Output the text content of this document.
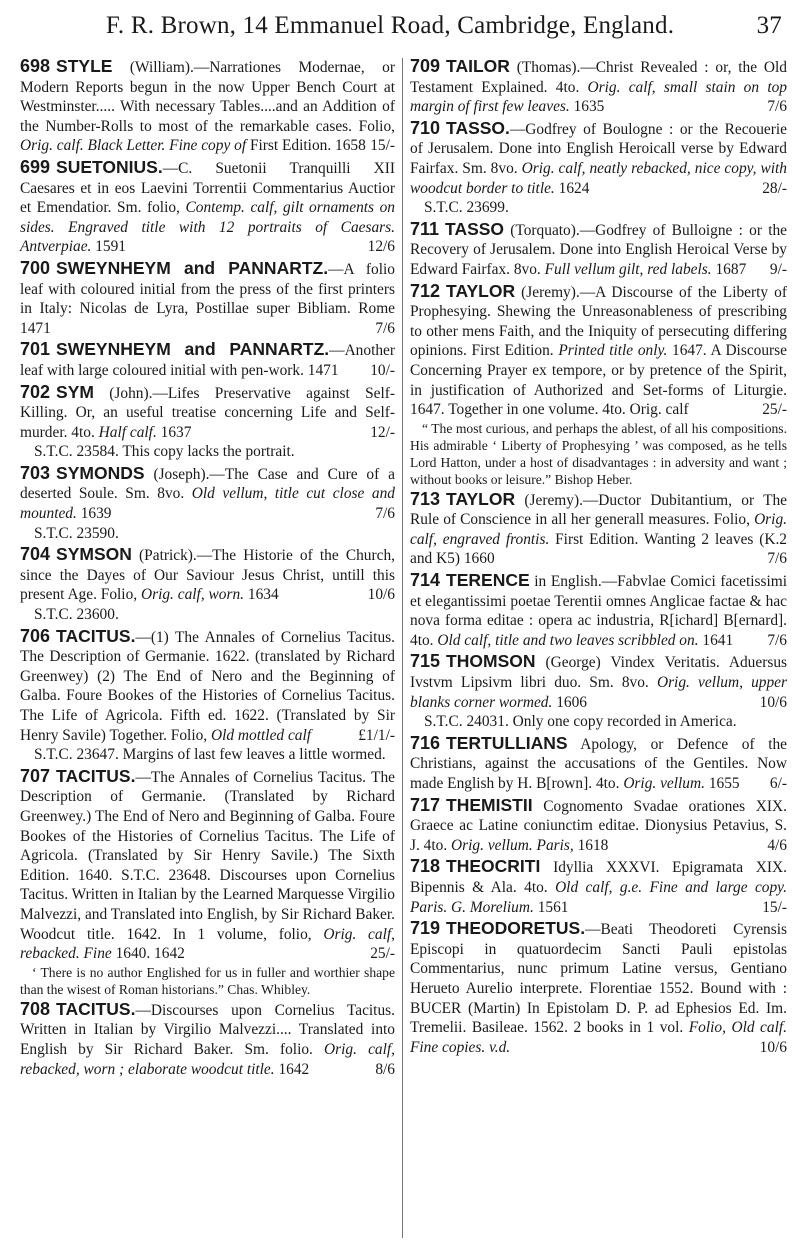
F. R. Brown, 14 Emmanuel Road, Cambridge, England.	37
698 STYLE (William).—Narrationes Modernae, or Modern Reports begun in the now Upper Bench Court at Westminster..... With necessary Tables....and an Addition of the Number-Rolls to most of the remarkable cases. Folio, Orig. calf. Black Letter. Fine copy of First Edition. 1658 15/-
699 SUETONIUS.—C. Suetonii Tranquilli XII Caesares et in eos Laevini Torrentii Commentarius Auctior et Emendatior. Sm. folio, Contemp. calf, gilt ornaments on sides. Engraved title with 12 portraits of Caesars. Antverpiae. 1591	12/6
700 SWEYNHEYM and PANNARTZ.—A folio leaf with coloured initial from the press of the first printers in Italy: Nicolas de Lyra, Postillae super Bibliam. Rome 1471	7/6
701 SWEYNHEYM and PANNARTZ.—Another leaf with large coloured initial with pen-work. 1471 10/-
702 SYM (John).—Lifes Preservative against Self-Killing. Or, an useful treatise concerning Life and Self-murder. 4to. Half calf. 1637	12/-
S.T.C. 23584. This copy lacks the portrait.
703 SYMONDS (Joseph).—The Case and Cure of a deserted Soule. Sm. 8vo. Old vellum, title cut close and mounted. 1639	7/6
S.T.C. 23590.
704 SYMSON (Patrick).—The Historie of the Church, since the Dayes of Our Saviour Jesus Christ, untill this present Age. Folio, Orig. calf, worn. 1634	10/6
S.T.C. 23600.
706 TACITUS.—(1) The Annales of Cornelius Tacitus. The Description of Germanie. 1622. (translated by Richard Greenwey) (2) The End of Nero and the Beginning of Galba. Foure Bookes of the Histories of Cornelius Tacitus. The Life of Agricola. Fifth ed. 1622. (Translated by Sir Henry Savile) Together. Folio, Old mottled calf	£1/1/-
S.T.C. 23647. Margins of last few leaves a little wormed.
707 TACITUS.—The Annales of Cornelius Tacitus. The Description of Germanie. (Translated by Richard Greenwey.) The End of Nero and Beginning of Galba. Foure Bookes of the Histories of Cornelius Tacitus. The Life of Agricola. (Translated by Sir Henry Savile.) The Sixth Edition. 1640. S.T.C. 23648. Discourses upon Cornelius Tacitus. Written in Italian by the Learned Marquesse Virgilio Malvezzi, and Translated into English, by Sir Richard Baker. Woodcut title. 1642. In 1 volume, folio, Orig. calf, rebacked. Fine 1640. 1642	25/-
‘ There is no author Englished for us in fuller and worthier shape than the wisest of Roman historians.” Chas. Whibley.
708 TACITUS.—Discourses upon Cornelius Tacitus. Written in Italian by Virgilio Malvezzi.... Translated into English by Sir Richard Baker. Sm. folio. Orig. calf, rebacked, worn ; elaborate woodcut title. 1642	8/6
709 TAILOR (Thomas).—Christ Revealed : or, the Old Testament Explained. 4to. Orig. calf, small stain on top margin of first few leaves. 1635	7/6
710 TASSO.—Godfrey of Boulogne : or the Recouerie of Jerusalem. Done into English Heroicall verse by Edward Fairfax. Sm. 8vo. Orig. calf, neatly rebacked, nice copy, with woodcut border to title. 1624	28/-
S.T.C. 23699.
711 TASSO (Torquato).—Godfrey of Bulloigne : or the Recovery of Jerusalem. Done into English Heroical Verse by Edward Fairfax. 8vo. Full vellum gilt, red labels. 1687 9/-
712 TAYLOR (Jeremy).—A Discourse of the Liberty of Prophesying. Shewing the Unreasonableness of prescribing to other mens Faith, and the Iniquity of persecuting differing opinions. First Edition. Printed title only. 1647. A Discourse Concerning Prayer ex tempore, or by pretence of the Spirit, in justification of Authorized and Set-forms of Liturgie. 1647. Together in one volume. 4to. Orig. calf	25/-
“ The most curious, and perhaps the ablest, of all his compositions. His admirable ‘ Liberty of Prophesying ’ was composed, as he tells Lord Hatton, under a host of disadvantages : in adversity and want ; without books or leisure.” Bishop Heber.
713 TAYLOR (Jeremy).—Ductor Dubitantium, or The Rule of Conscience in all her generall measures. Folio, Orig. calf, engraved frontis. First Edition. Wanting 2 leaves (K.2 and K5) 1660	7/6
714 TERENCE in English.—Fabvlae Comici facetissimi et elegantissimi poetae Terentii omnes Anglicae factae & hac nova forma editae : opera ac industria, R[ichard] B[ernard]. 4to. Old calf, title and two leaves scribbled on. 1641 7/6
715 THOMSON (George) Vindex Veritatis. Aduersus Ivstvm Lipsivm libri duo. Sm. 8vo. Orig. vellum, upper blanks corner wormed. 1606	10/6
S.T.C. 24031. Only one copy recorded in America.
716 TERTULLIANS Apology, or Defence of the Christians, against the accusations of the Gentiles. Now made English by H. B[rown]. 4to. Orig. vellum. 1655 6/-
717 THEMISTII Cognomento Svadae orationes XIX. Graece ac Latine coniunctim editae. Dionysius Petavius, S. J. 4to. Orig. vellum. Paris, 1618	4/6
718 THEOCRITI Idyllia XXXVI. Epigramata XIX. Bipennis & Ala. 4to. Old calf, g.e. Fine and large copy. Paris. G. Morelium. 1561	15/-
719 THEODORETUS.—Beati Theodoreti Cyrensis Episcopi in quatuordecim Sancti Pauli epistolas Commentarius, nunc primum Latine versus, Gentiano Herueto Aurelio interprete. Florentiae 1552. Bound with : BUCER (Martin) In Epistolam D. P. ad Ephesios Ed. Im. Tremelii. Basileae. 1562. 2 books in 1 vol. Folio, Old calf. Fine copies. v.d.	10/6
